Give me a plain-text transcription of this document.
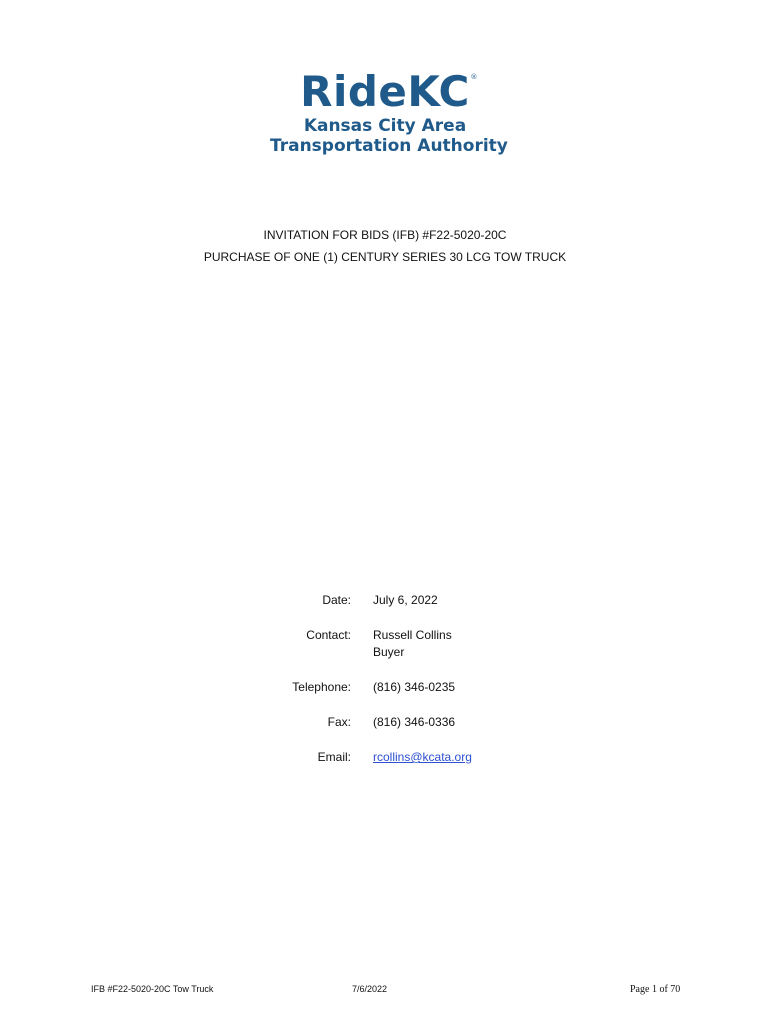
RideKC ®
Kansas City Area
Transportation Authority
INVITATION FOR BIDS (IFB) #F22-5020-20C
PURCHASE OF ONE (1) CENTURY SERIES 30 LCG TOW TRUCK
Date:	July 6, 2022
Contact:	Russell Collins
Buyer
Telephone:	(816) 346-0235
Fax:	(816) 346-0336
Email:	rcollins@kcata.org
IFB #F22-5020-20C Tow Truck	7/6/2022	Page 1 of 70
